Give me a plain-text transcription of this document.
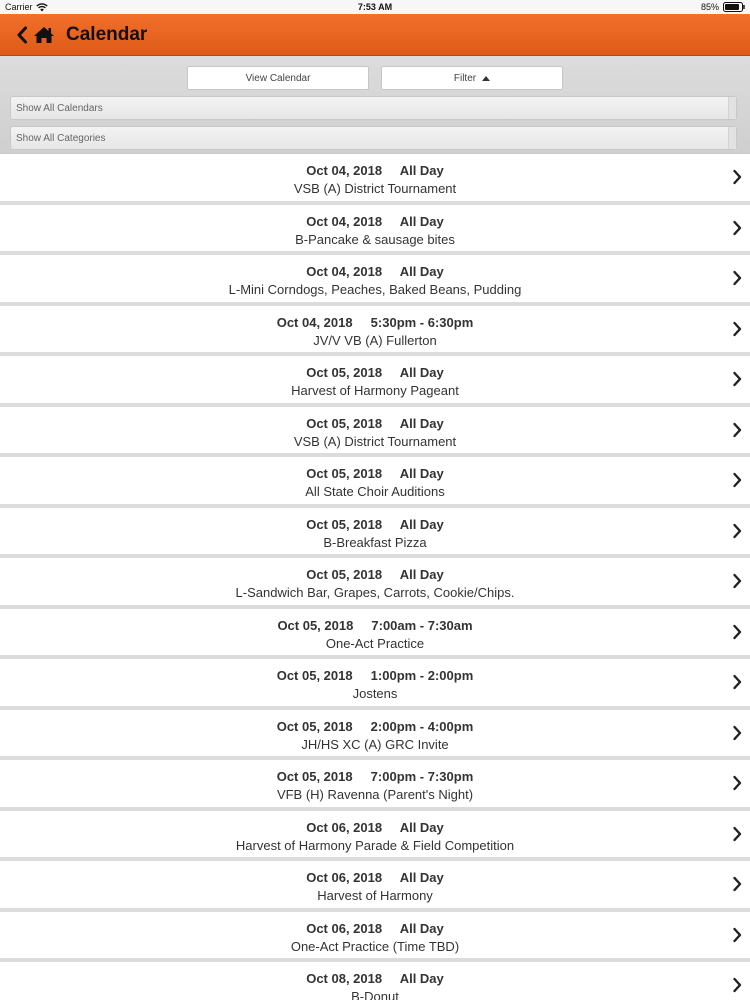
Carrier	7:53 AM	85%
Calendar
View Calendar	Filter
Show All Calendars
Show All Categories
Oct 04, 2018 All Day
VSB (A) District Tournament
Oct 04, 2018 All Day
B-Pancake & sausage bites
Oct 04, 2018 All Day
L-Mini Corndogs, Peaches, Baked Beans, Pudding
Oct 04, 2018 5:30pm - 6:30pm
JV/V VB (A) Fullerton
Oct 05, 2018 All Day
Harvest of Harmony Pageant
Oct 05, 2018 All Day
VSB (A) District Tournament
Oct 05, 2018 All Day
All State Choir Auditions
Oct 05, 2018 All Day
B-Breakfast Pizza
Oct 05, 2018 All Day
L-Sandwich Bar, Grapes, Carrots, Cookie/Chips.
Oct 05, 2018 7:00am - 7:30am
One-Act Practice
Oct 05, 2018 1:00pm - 2:00pm
Jostens
Oct 05, 2018 2:00pm - 4:00pm
JH/HS XC (A) GRC Invite
Oct 05, 2018 7:00pm - 7:30pm
VFB (H) Ravenna (Parent's Night)
Oct 06, 2018 All Day
Harvest of Harmony Parade & Field Competition
Oct 06, 2018 All Day
Harvest of Harmony
Oct 06, 2018 All Day
One-Act Practice (Time TBD)
Oct 08, 2018 All Day
B-Donut
